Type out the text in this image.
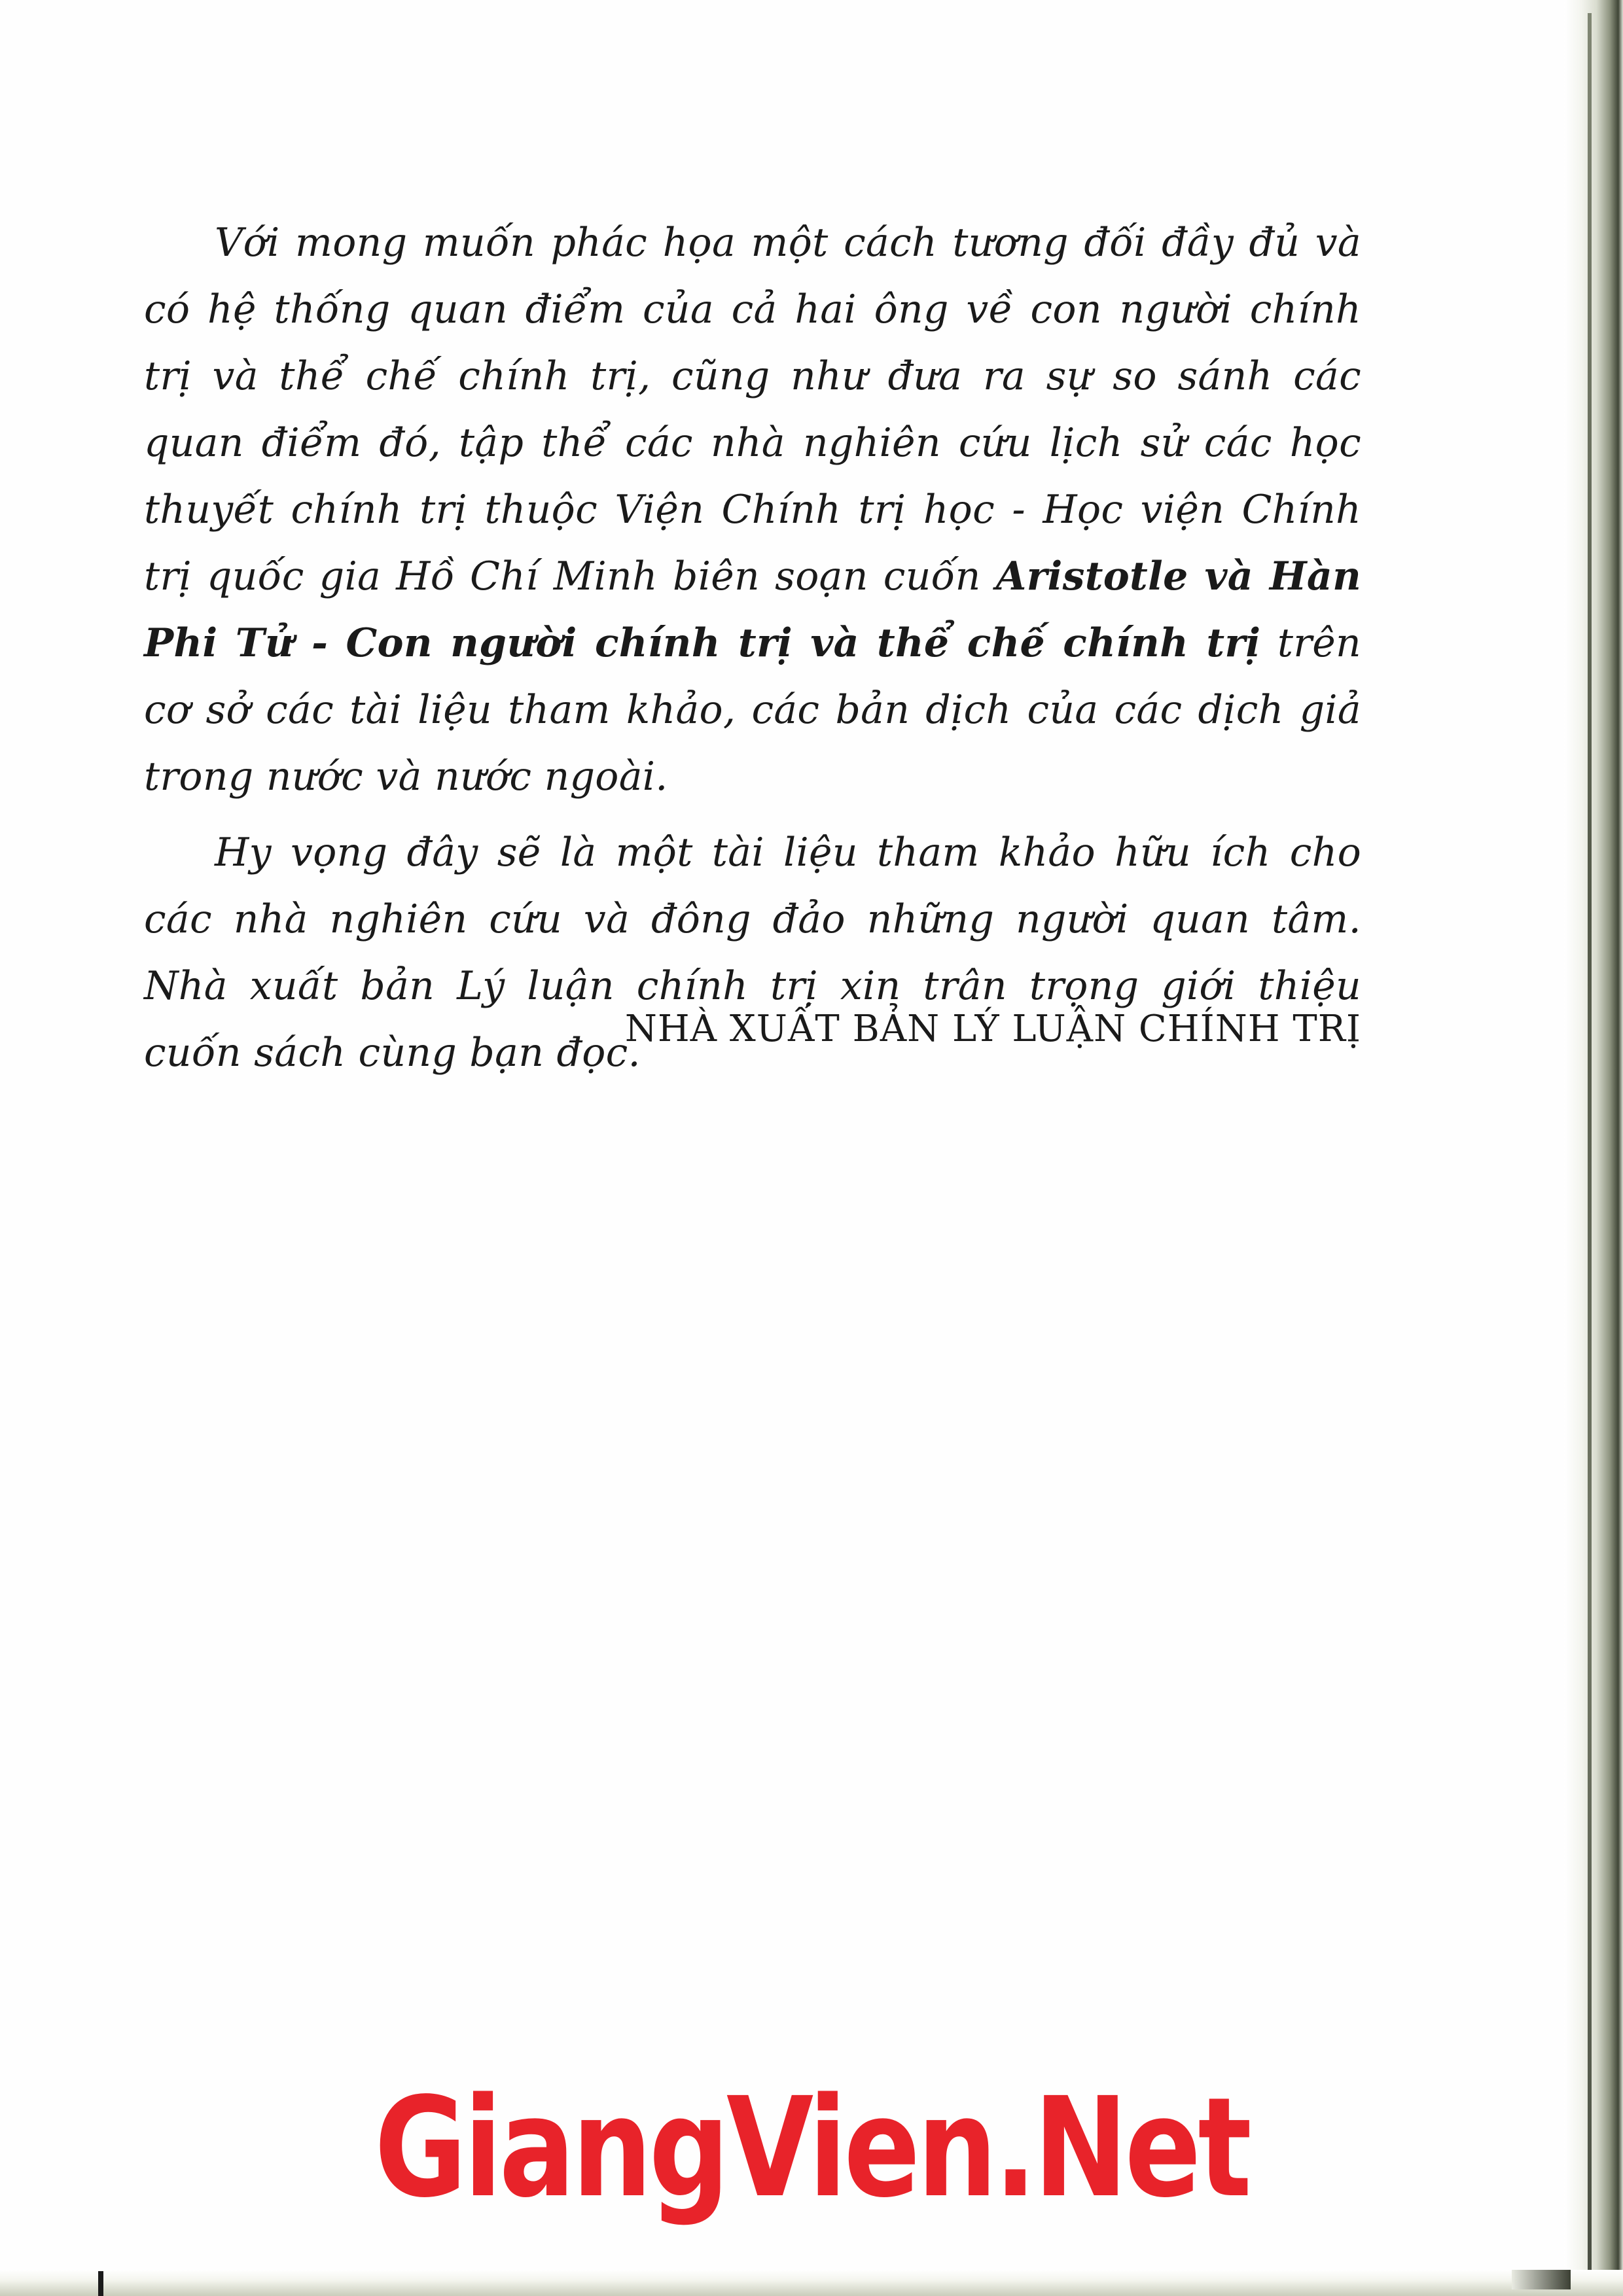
Với mong muốn phác họa một cách tương đối đầy đủ và có hệ thống quan điểm của cả hai ông về con người chính trị và thể chế chính trị, cũng như đưa ra sự so sánh các quan điểm đó, tập thể các nhà nghiên cứu lịch sử các học thuyết chính trị thuộc Viện Chính trị học - Học viện Chính trị quốc gia Hồ Chí Minh biên soạn cuốn Aristotle và Hàn Phi Tử - Con người chính trị và thể chế chính trị trên cơ sở các tài liệu tham khảo, các bản dịch của các dịch giả trong nước và nước ngoài.

Hy vọng đây sẽ là một tài liệu tham khảo hữu ích cho các nhà nghiên cứu và đông đảo những người quan tâm. Nhà xuất bản Lý luận chính trị xin trân trọng giới thiệu cuốn sách cùng bạn đọc.

NHÀ XUẤT BẢN LÝ LUẬN CHÍNH TRỊ
GiangVien.Net
